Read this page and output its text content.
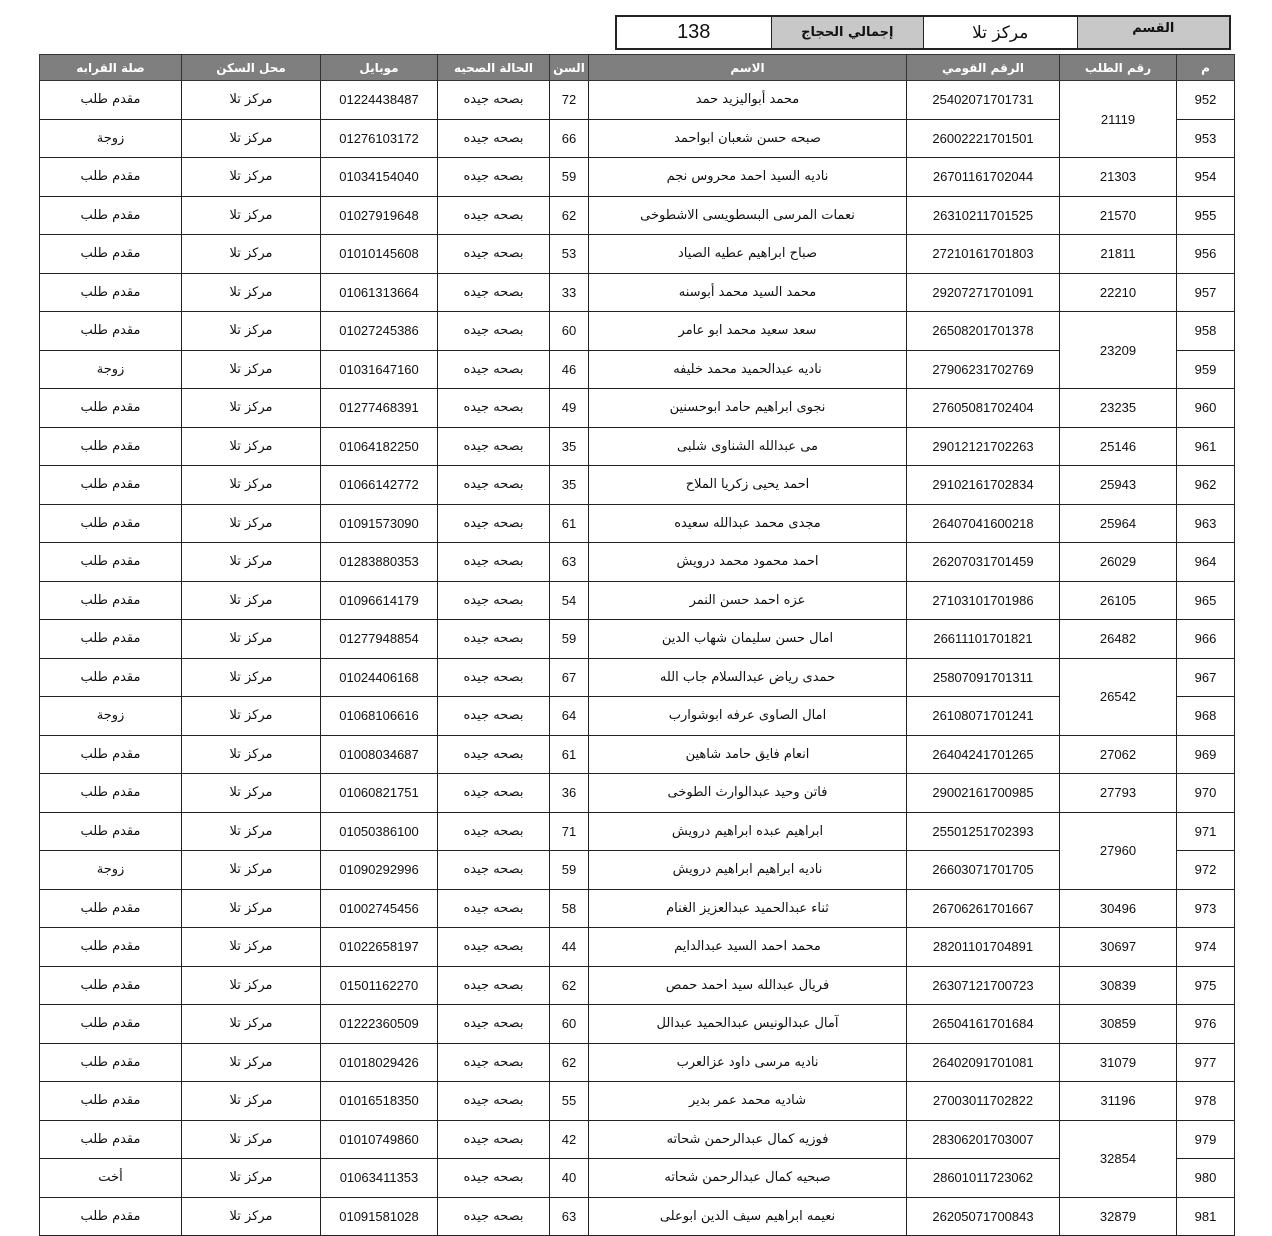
138	إجمالي الحجاج	مركز تلا	القسم
م	رقم الطلب	الرقم القومي	الاسم	السن	الحالة الصحيه	موبايل	محل السكن	صلة القرابه
952	21119	25402071701731	محمد أبواليزيد حمد	72	بصحه جيده	01224438487	مركز تلا	مقدم طلب
953		26002221701501	صبحه حسن شعبان ابواحمد	66	بصحه جيده	01276103172	مركز تلا	زوجة
954	21303	26701161702044	ناديه السيد احمد محروس نجم	59	بصحه جيده	01034154040	مركز تلا	مقدم طلب
955	21570	26310211701525	نعمات المرسى البسطويسى الاشطوخى	62	بصحه جيده	01027919648	مركز تلا	مقدم طلب
956	21811	27210161701803	صباح ابراهيم عطيه الصياد	53	بصحه جيده	01010145608	مركز تلا	مقدم طلب
957	22210	29207271701091	محمد السيد محمد أبوسنه	33	بصحه جيده	01061313664	مركز تلا	مقدم طلب
958	23209	26508201701378	سعد سعيد محمد ابو عامر	60	بصحه جيده	01027245386	مركز تلا	مقدم طلب
959		27906231702769	ناديه عبدالحميد محمد خليفه	46	بصحه جيده	01031647160	مركز تلا	زوجة
960	23235	27605081702404	نجوى ابراهيم حامد ابوحسنين	49	بصحه جيده	01277468391	مركز تلا	مقدم طلب
961	25146	29012121702263	مى عبدالله الشناوى شلبى	35	بصحه جيده	01064182250	مركز تلا	مقدم طلب
962	25943	29102161702834	احمد يحيى زكريا الملاح	35	بصحه جيده	01066142772	مركز تلا	مقدم طلب
963	25964	26407041600218	مجدى محمد عبدالله سعيده	61	بصحه جيده	01091573090	مركز تلا	مقدم طلب
964	26029	26207031701459	احمد محمود محمد درويش	63	بصحه جيده	01283880353	مركز تلا	مقدم طلب
965	26105	27103101701986	عزه احمد حسن النمر	54	بصحه جيده	01096614179	مركز تلا	مقدم طلب
966	26482	26611101701821	امال حسن سليمان شهاب الدين	59	بصحه جيده	01277948854	مركز تلا	مقدم طلب
967	26542	25807091701311	حمدى رياض عبدالسلام جاب الله	67	بصحه جيده	01024406168	مركز تلا	مقدم طلب
968		26108071701241	امال الصاوى عرفه ابوشوارب	64	بصحه جيده	01068106616	مركز تلا	زوجة
969	27062	26404241701265	انعام فايق حامد شاهين	61	بصحه جيده	01008034687	مركز تلا	مقدم طلب
970	27793	29002161700985	فاتن وحيد عبدالوارث الطوخى	36	بصحه جيده	01060821751	مركز تلا	مقدم طلب
971	27960	25501251702393	ابراهيم عبده ابراهيم درويش	71	بصحه جيده	01050386100	مركز تلا	مقدم طلب
972		26603071701705	ناديه ابراهيم ابراهيم درويش	59	بصحه جيده	01090292996	مركز تلا	زوجة
973	30496	26706261701667	ثناء عبدالحميد عبدالعزيز الغنام	58	بصحه جيده	01002745456	مركز تلا	مقدم طلب
974	30697	28201101704891	محمد احمد السيد عبدالدايم	44	بصحه جيده	01022658197	مركز تلا	مقدم طلب
975	30839	26307121700723	فريال عبدالله سيد احمد حمص	62	بصحه جيده	01501162270	مركز تلا	مقدم طلب
976	30859	26504161701684	آمال عبدالونيس عبدالحميد عبدالل	60	بصحه جيده	01222360509	مركز تلا	مقدم طلب
977	31079	26402091701081	ناديه مرسى داود عزالعرب	62	بصحه جيده	01018029426	مركز تلا	مقدم طلب
978	31196	27003011702822	شاديه محمد عمر بدير	55	بصحه جيده	01016518350	مركز تلا	مقدم طلب
979	32854	28306201703007	فوزيه كمال عبدالرحمن شحاته	42	بصحه جيده	01010749860	مركز تلا	مقدم طلب
980		28601011723062	صبحيه كمال عبدالرحمن شحاته	40	بصحه جيده	01063411353	مركز تلا	أخت
981	32879	26205071700843	نعيمه ابراهيم سيف الدين ابوعلى	63	بصحه جيده	01091581028	مركز تلا	مقدم طلب
